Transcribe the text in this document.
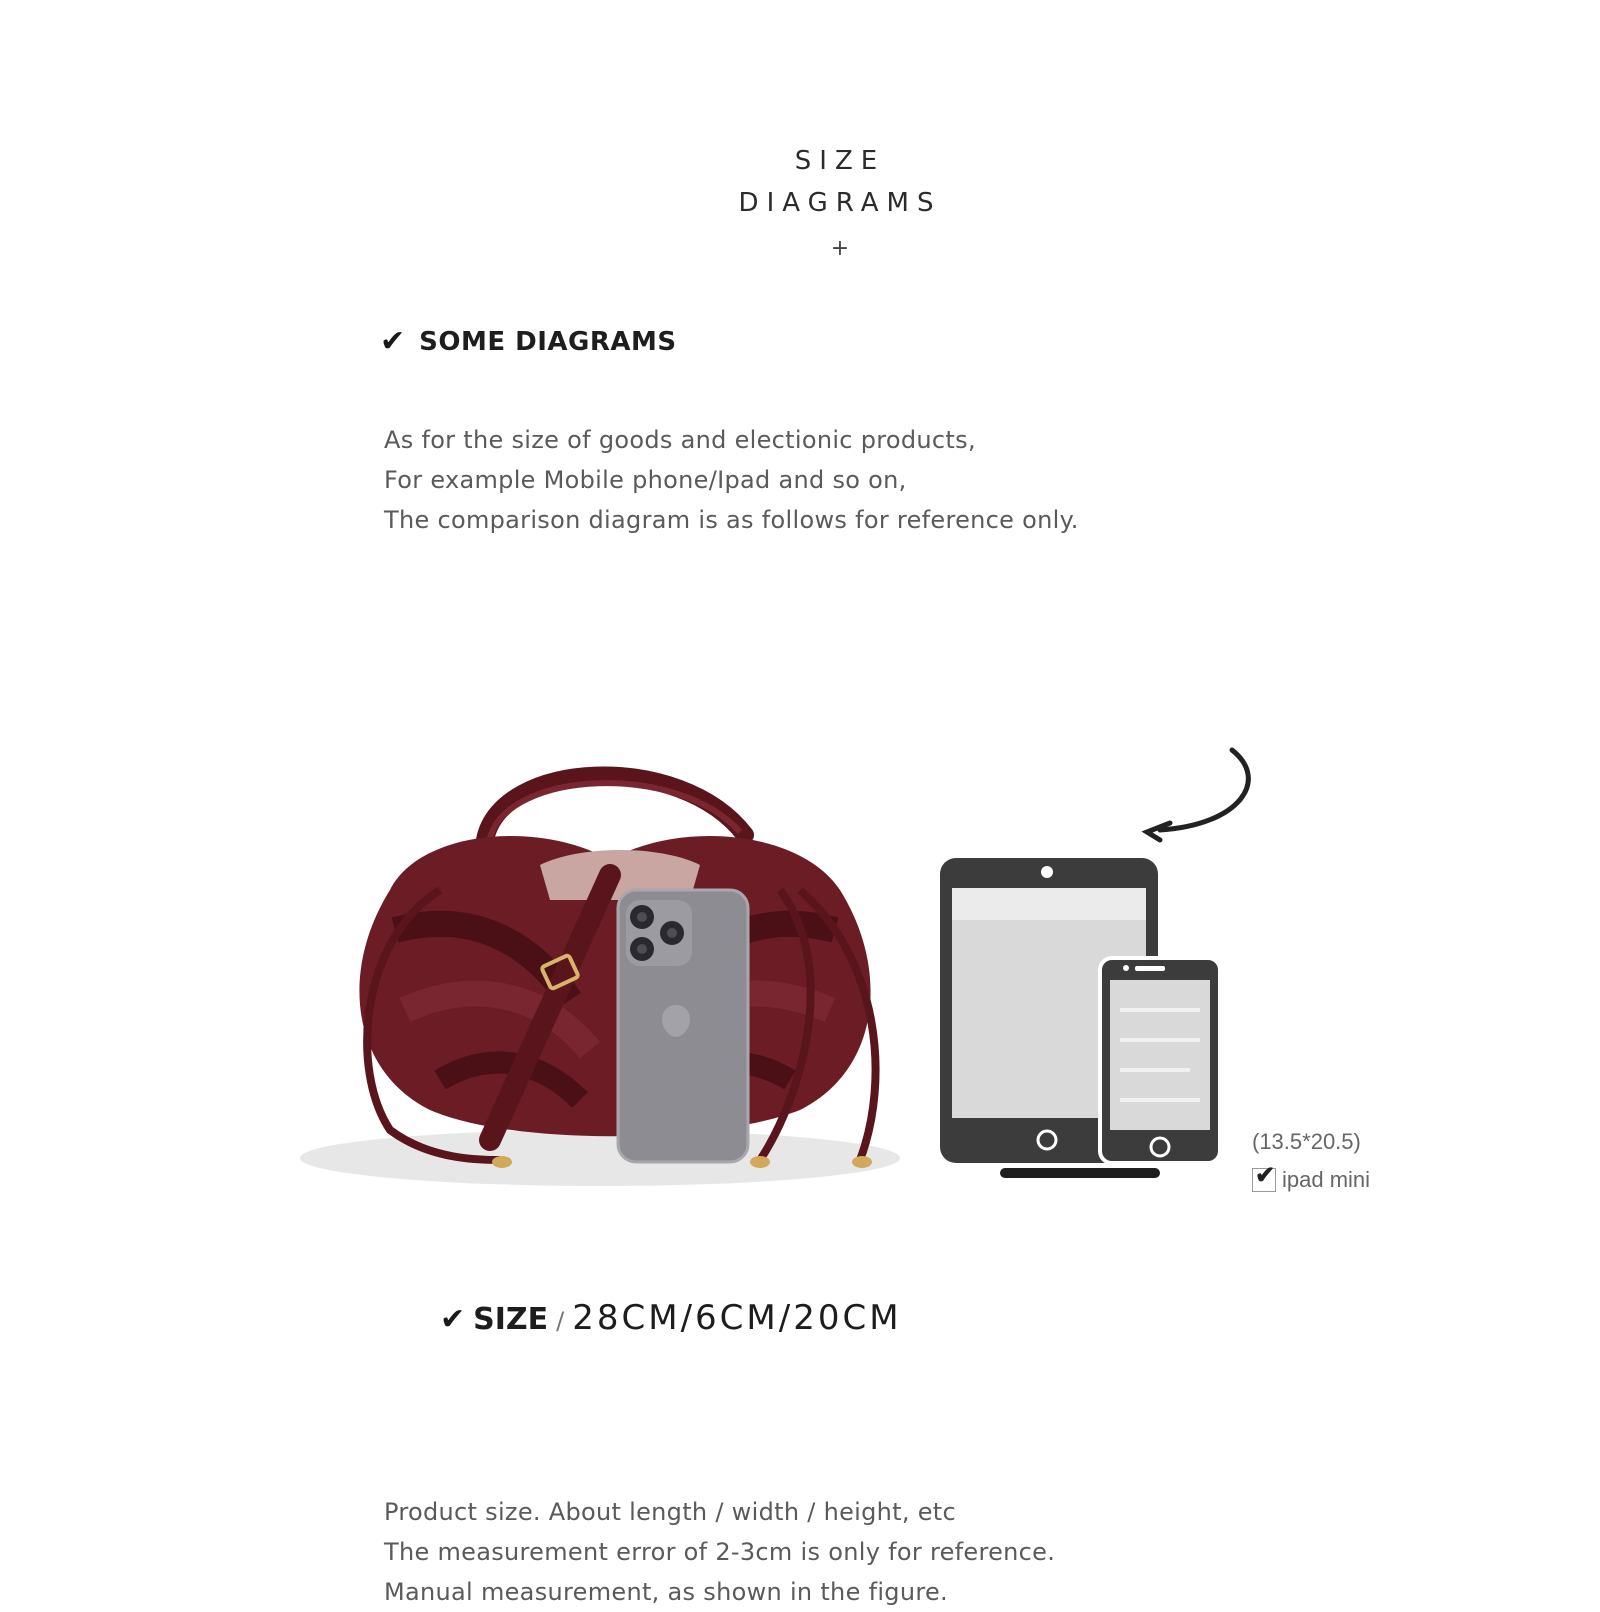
SIZE
DIAGRAMS
+
✔ SOME DIAGRAMS
As for the size of goods and electionic products,
For example Mobile phone/Ipad and so on,
The comparison diagram is as follows for reference only.
(13.5*20.5)
✔ ipad mini
✔ SIZE / 28CM/6CM/20CM
Product size. About length / width / height, etc
The measurement error of 2-3cm is only for reference.
Manual measurement, as shown in the figure.
